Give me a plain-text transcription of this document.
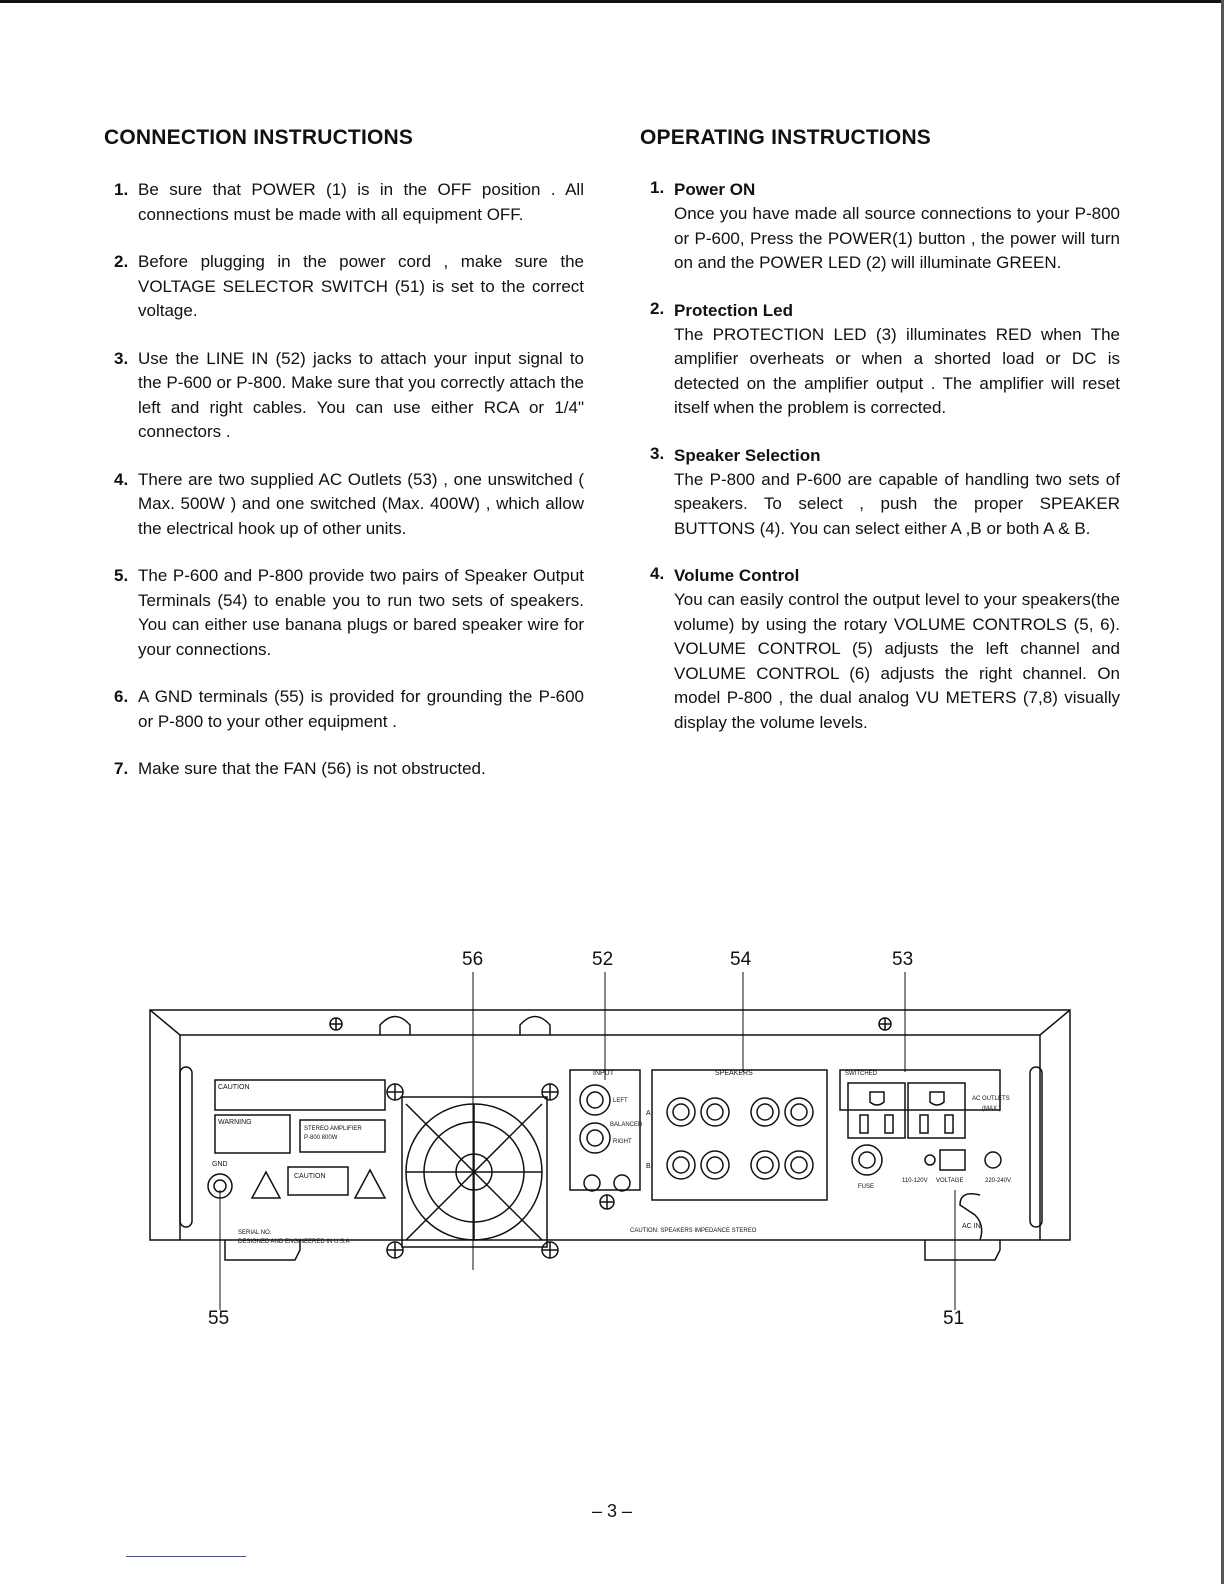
CONNECTION INSTRUCTIONS
1. Be sure that POWER (1) is in the OFF position . All connections must be made with all equipment OFF.
2. Before plugging in the power cord , make sure the VOLTAGE SELECTOR SWITCH (51) is set to the correct voltage.
3. Use the LINE IN (52) jacks to attach your input signal to the P-600 or P-800. Make sure that you correctly attach the left and right cables. You can use either RCA or 1/4" connectors .
4. There are two supplied AC Outlets (53) , one unswitched ( Max. 500W ) and one switched (Max. 400W) , which allow the electrical hook up of other units.
5. The P-600 and P-800 provide two pairs of Speaker Output Terminals (54) to enable you to run two sets of speakers. You can either use banana plugs or bared speaker wire for your connections.
6. A GND terminals (55) is provided for grounding the P-600 or P-800 to your other equipment .
7. Make sure that the FAN (56) is not obstructed.
OPERATING INSTRUCTIONS
1. Power ON
Once you have made all source connections to your P-800 or P-600, Press the POWER(1) button , the power will turn on and the POWER LED (2) will illuminate GREEN.
2. Protection Led
The PROTECTION LED (3) illuminates RED when The amplifier overheats or when a shorted load or DC is detected on the amplifier output . The amplifier will reset itself when the problem is corrected.
3. Speaker Selection
The P-800 and P-600 are capable of handling two sets of speakers. To select , push the proper SPEAKER BUTTONS (4). You can select either A ,B or both A & B.
4. Volume Control
You can easily control the output level to your speakers(the volume) by using the rotary VOLUME CONTROLS (5, 6). VOLUME CONTROL (5) adjusts the left channel and VOLUME CONTROL (6) adjusts the right channel. On model P-800 , the dual analog VU METERS (7,8) visually display the volume levels.
56	52	54	53
55	51
CAUTION
WARNING
STEREO AMPLIFIER
P-800 800W
CAUTION
GND
SERIAL NO.
DESIGNED AND ENGINEERED IN U.S.A
INPUT
LEFT
BALANCED
RIGHT
SPEAKERS
A
B
CAUTION: SPEAKERS IMPEDANCE STEREO
SWITCHED
AC OUTLETS
(MAX.)
FUSE
110-120V VOLTAGE	220-240V
AC IN
– 3 –
